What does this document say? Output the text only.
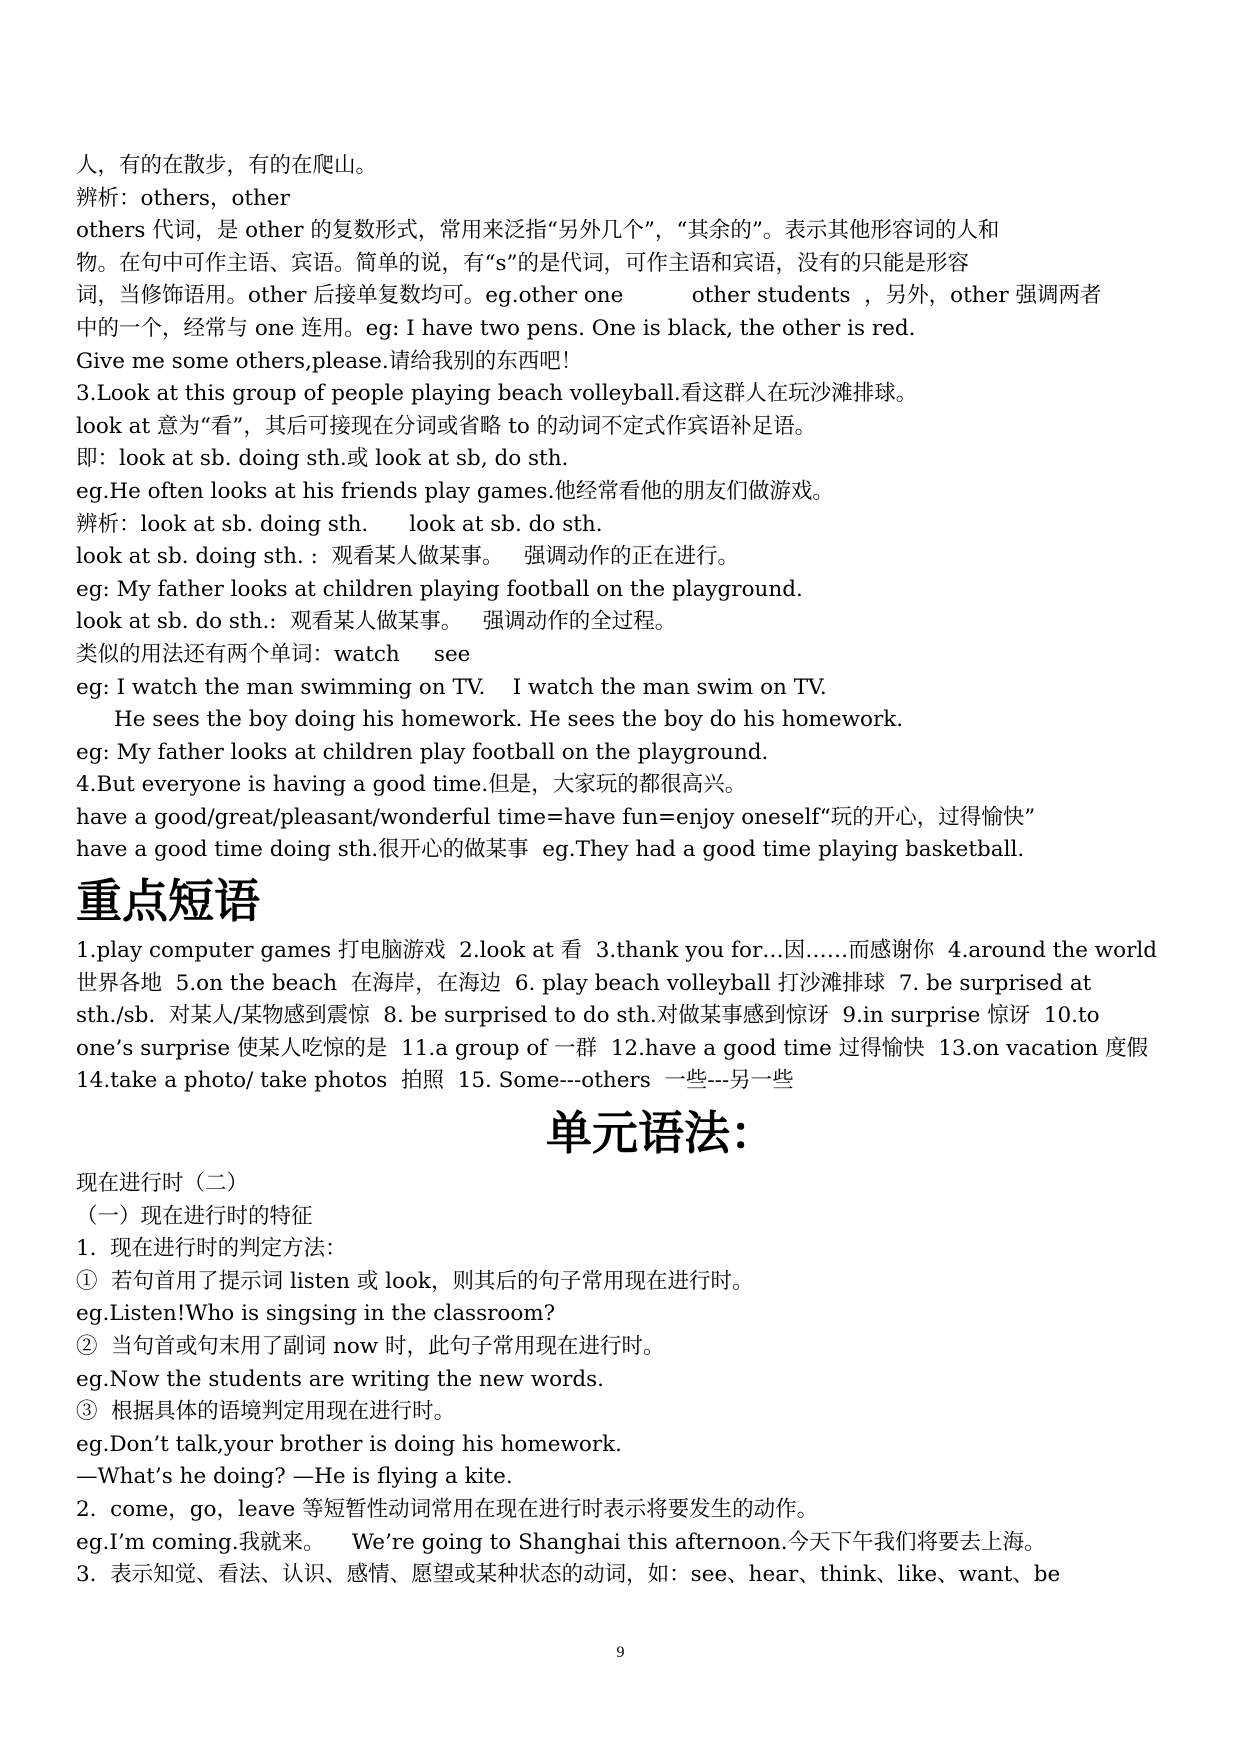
人，有的在散步，有的在爬山。
辨析：others，other
others 代词，是 other 的复数形式，常用来泛指“另外几个”，“其余的”。表示其他形容词的人和
物。在句中可作主语、宾语。简单的说，有“s”的是代词，可作主语和宾语，没有的只能是形容
词，当修饰语用。other 后接单复数均可。eg.other one          other students  ，另外，other 强调两者
中的一个，经常与 one 连用。eg: I have two pens. One is black, the other is red.
Give me some others,please.请给我别的东西吧！
3.Look at this group of people playing beach volleyball.看这群人在玩沙滩排球。
look at 意为“看”，其后可接现在分词或省略 to 的动词不定式作宾语补足语。
即：look at sb. doing sth.或 look at sb, do sth.
eg.He often looks at his friends play games.他经常看他的朋友们做游戏。
辨析：look at sb. doing sth.      look at sb. do sth.
look at sb. doing sth. :  观看某人做某事。   强调动作的正在进行。
eg: My father looks at children playing football on the playground.
look at sb. do sth.:  观看某人做某事。   强调动作的全过程。
类似的用法还有两个单词：watch     see
eg: I watch the man swimming on TV.    I watch the man swim on TV.
He sees the boy doing his homework. He sees the boy do his homework.
eg: My father looks at children play football on the playground.
4.But everyone is having a good time.但是，大家玩的都很高兴。
have a good/great/pleasant/wonderful time=have fun=enjoy oneself“玩的开心，过得愉快”
have a good time doing sth.很开心的做某事  eg.They had a good time playing basketball.
重点短语
1.play computer games 打电脑游戏  2.look at 看  3.thank you for…因……而感谢你  4.around the world
世界各地  5.on the beach  在海岸，在海边  6. play beach volleyball 打沙滩排球  7. be surprised at
sth./sb.  对某人/某物感到震惊  8. be surprised to do sth.对做某事感到惊讶  9.in surprise 惊讶  10.to
one’s surprise 使某人吃惊的是  11.a group of 一群  12.have a good time 过得愉快  13.on vacation 度假
14.take a photo/ take photos  拍照  15. Some---others  一些---另一些
单元语法：
现在进行时（二）
（一）现在进行时的特征
1.  现在进行时的判定方法：
①  若句首用了提示词 listen 或 look，则其后的句子常用现在进行时。
eg.Listen!Who is singsing in the classroom?
②  当句首或句末用了副词 now 时，此句子常用现在进行时。
eg.Now the students are writing the new words.
③  根据具体的语境判定用现在进行时。
eg.Don’t talk,your brother is doing his homework.
—What’s he doing? —He is flying a kite.
2.  come，go，leave 等短暂性动词常用在现在进行时表示将要发生的动作。
eg.I’m coming.我就来。    We’re going to Shanghai this afternoon.今天下午我们将要去上海。
3.  表示知觉、看法、认识、感情、愿望或某种状态的动词，如：see、hear、think、like、want、be
9
